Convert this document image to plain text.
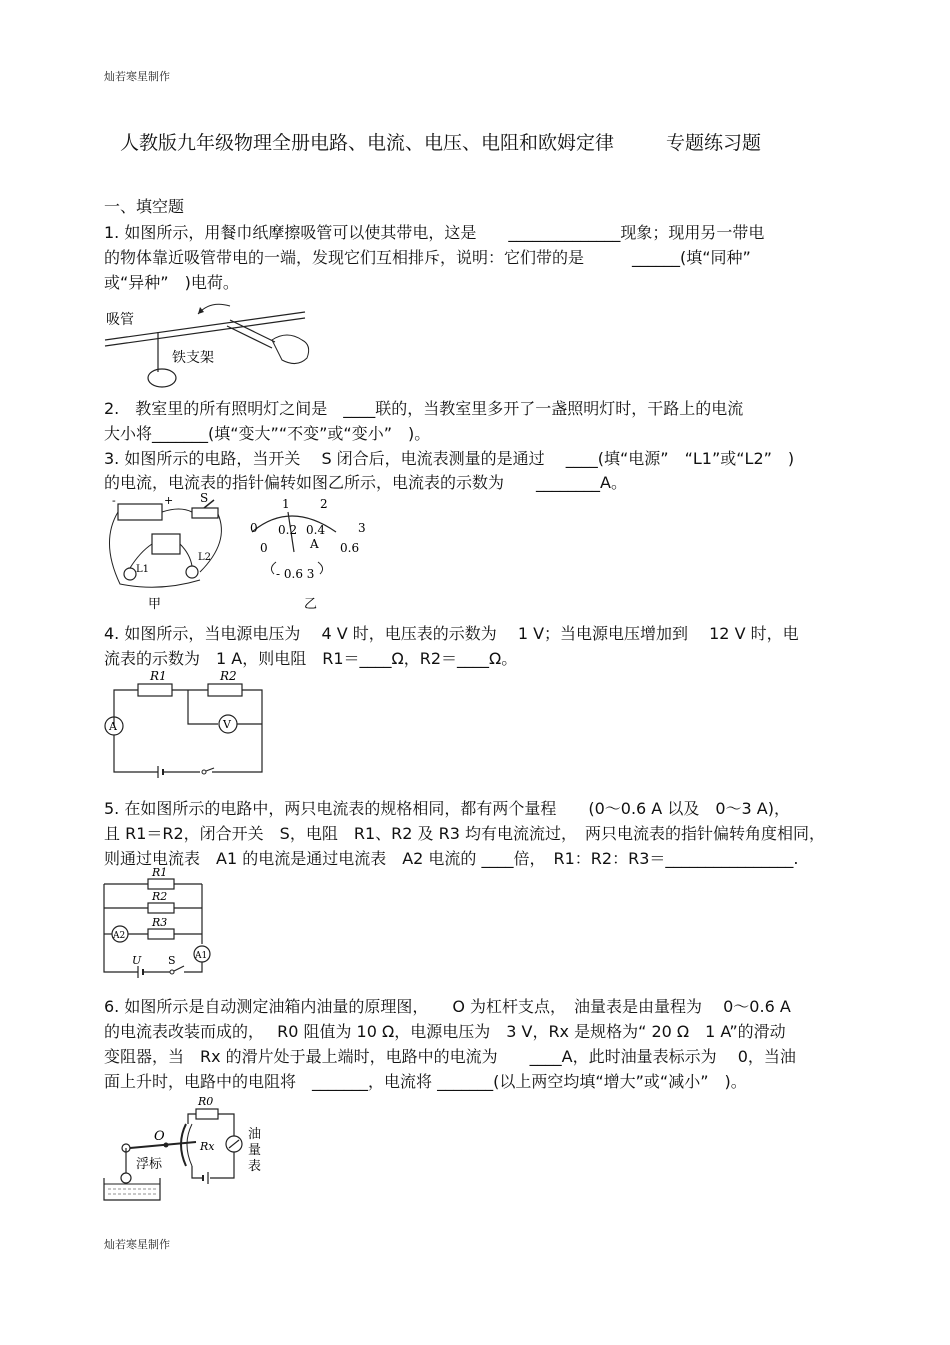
灿若寒星制作
人教版九年级物理全册电路、电流、电压、电阻和欧姆定律	专题练习题
一、填空题
1. 如图所示，用餐巾纸摩擦吸管可以使其带电，这是　　______________现象；现用另一带电
的物体靠近吸管带电的一端，发现它们互相排斥，说明：它们带的是　　　______(填“同种”
或“异种”　)电荷。
吸管
铁支架
2.　教室里的所有照明灯之间是　____联的，当教室里多开了一盏照明灯时，干路上的电流
大小将_______(填“变大”“不变”或“变小”　)。
3. 如图所示的电路，当开关　 S 闭合后，电流表测量的是通过　 ____(填“电源”　“L1”或“L2”　)
的电流，电流表的指针偏转如图乙所示，电流表的示数为　　________A。
-	+ S
L1
L2
甲
1	2
0.2 0.4
0
0
3
0.6
A
- 0.6 3
乙
4. 如图所示，当电源电压为　 4 V 时，电压表的示数为　 1 V；当电源电压增加到　 12 V 时，电
流表的示数为　1 A，则电阻　R1＝____Ω，R2＝____Ω。
R1	R2
A	V
5. 在如图所示的电路中，两只电流表的规格相同，都有两个量程　　(0～0.6 A 以及　0～3 A)，
且 R1＝R2，闭合开关　S，电阻　R1、R2 及 R3 均有电流流过，　两只电流表的指针偏转角度相同，
则通过电流表　A1 的电流是通过电流表　A2 电流的 ____倍，　R1：R2：R3＝________________.
R1
R2
R3
A2
A1
U S
6. 如图所示是自动测定油箱内油量的原理图，　　O 为杠杆支点，　油量表是由量程为　 0～0.6 A
的电流表改装而成的，　 R0 阻值为 10 Ω，电源电压为　3 V，Rx 是规格为“ 20 Ω　1 A”的滑动
变阻器，当　Rx 的滑片处于最上端时，电路中的电流为　　____A，此时油量表标示为　 0，当油
面上升时，电路中的电阻将　_______，电流将 _______(以上两空均填“增大”或“减小”　)。
R0
O
Rx
浮标
油
量
表
灿若寒星制作
